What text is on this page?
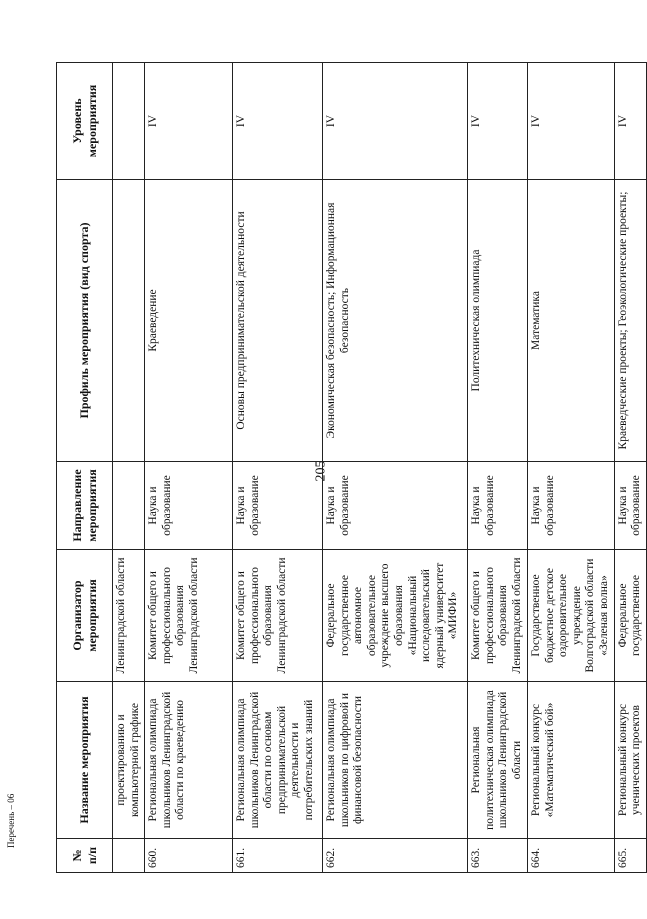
205
Перечень – 06
№ п/п	Название мероприятия	Организатор мероприятия	Направление мероприятия	Профиль мероприятия (вид спорта)	Уровень мероприятия
	проектированию и компьютерной графике	Ленинградской области			
660.	Региональная олимпиада школьников Ленинградской области по краеведению	Комитет общего и профессионального образования Ленинградской области	Наука и образование	Краеведение	IV
661.	Региональная олимпиада школьников Ленинградской области по основам предпринимательской деятельности и потребительских знаний	Комитет общего и профессионального образования Ленинградской области	Наука и образование	Основы предпринимательской деятельности	IV
662.	Региональная олимпиада школьников по цифровой и финансовой безопасности	Федеральное государственное автономное образовательное учреждение высшего образования «Национальный исследовательский ядерный университет «МИФИ»	Наука и образование	Экономическая безопасность; Информационная безопасность	IV
663.	Региональная политехническая олимпиада школьников Ленинградской области	Комитет общего и профессионального образования Ленинградской области	Наука и образование	Политехническая олимпиада	IV
664.	Региональный конкурс «Математический бой»	Государственное бюджетное детское оздоровительное учреждение Волгоградской области «Зеленая волна»	Наука и образование	Математика	IV
665.	Региональный конкурс ученических проектов	Федеральное государственное	Наука и образование	Краеведческие проекты; Геоэкологические проекты;	IV
